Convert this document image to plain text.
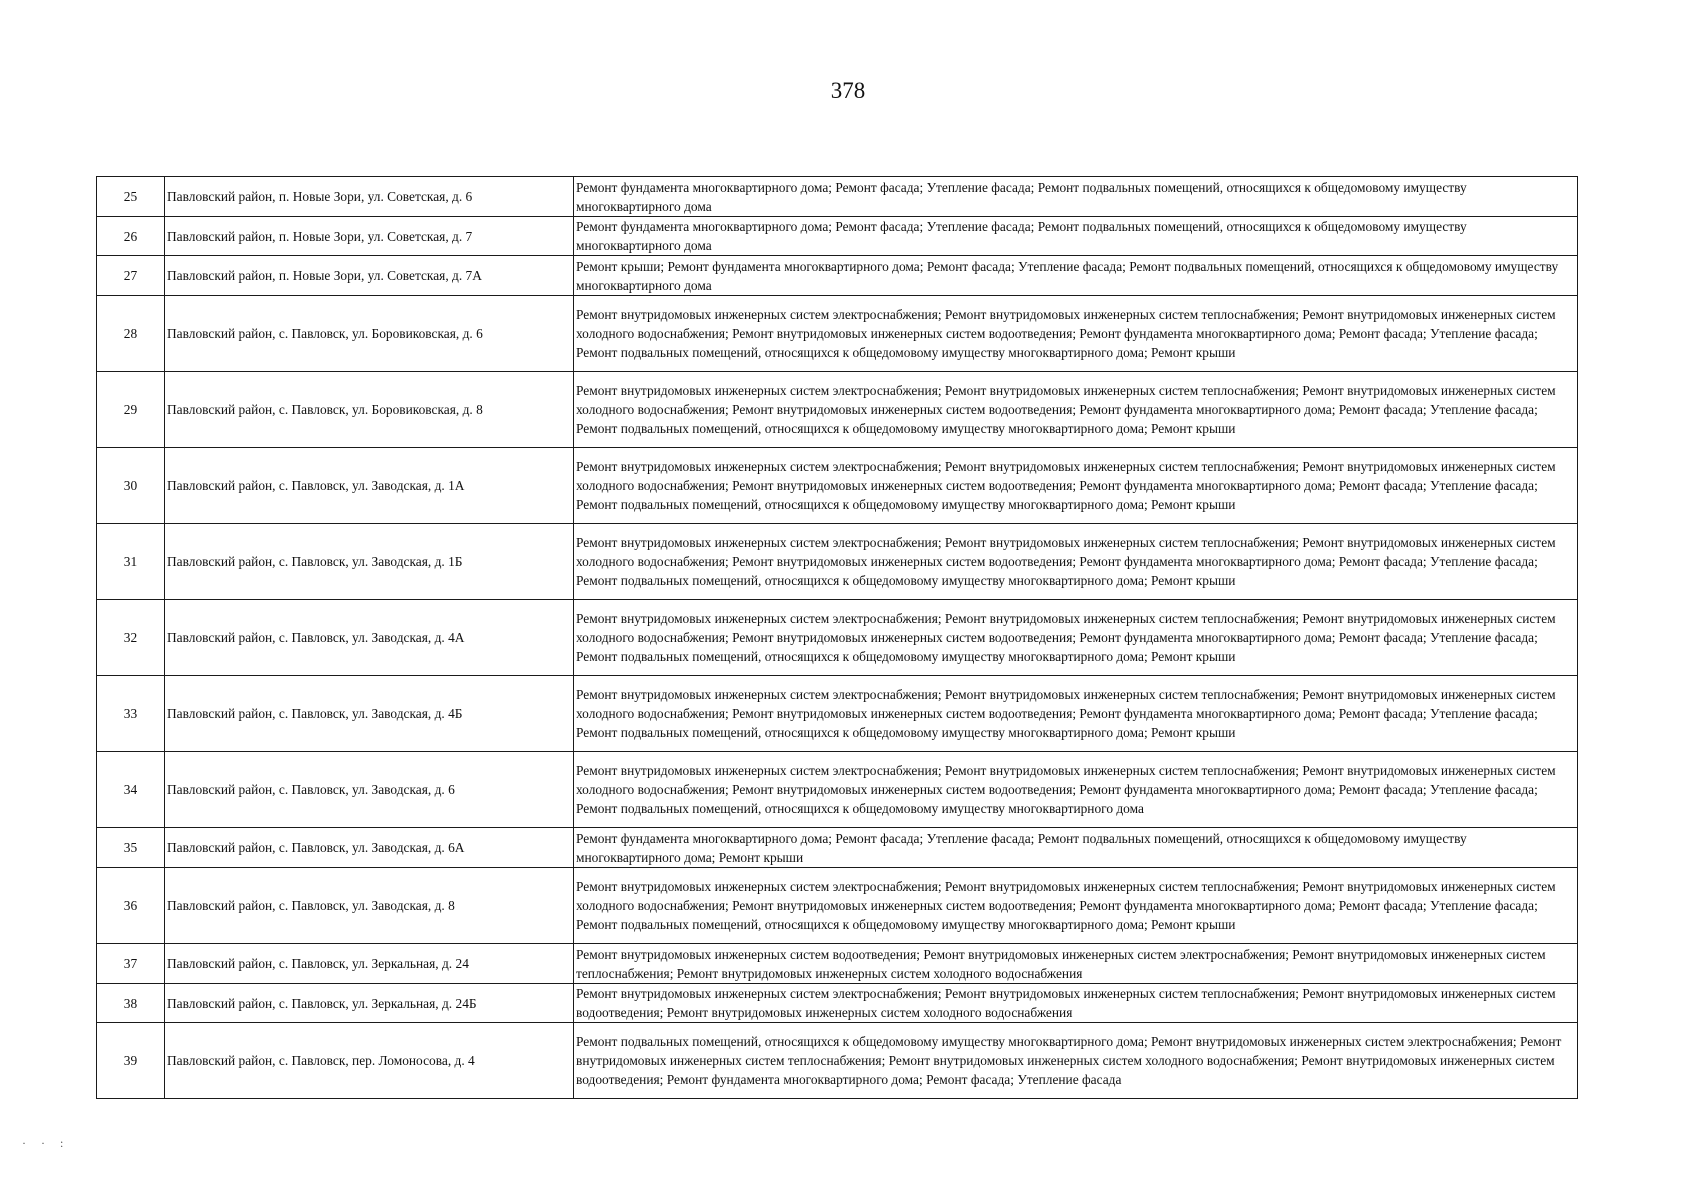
378
25	Павловский район, п. Новые Зори, ул. Советская, д. 6	Ремонт фундамента многоквартирного дома; Ремонт фасада; Утепление фасада; Ремонт подвальных помещений, относящихся к общедомовому имуществу многоквартирного дома
26	Павловский район, п. Новые Зори, ул. Советская, д. 7	Ремонт фундамента многоквартирного дома; Ремонт фасада; Утепление фасада; Ремонт подвальных помещений, относящихся к общедомовому имуществу многоквартирного дома
27	Павловский район, п. Новые Зори, ул. Советская, д. 7А	Ремонт крыши; Ремонт фундамента многоквартирного дома; Ремонт фасада; Утепление фасада; Ремонт подвальных помещений, относящихся к общедомовому имуществу многоквартирного дома
28	Павловский район, с. Павловск, ул. Боровиковская, д. 6	Ремонт внутридомовых инженерных систем электроснабжения; Ремонт внутридомовых инженерных систем теплоснабжения; Ремонт внутридомовых инженерных систем холодного водоснабжения; Ремонт внутридомовых инженерных систем водоотведения; Ремонт фундамента многоквартирного дома; Ремонт фасада; Утепление фасада; Ремонт подвальных помещений, относящихся к общедомовому имуществу многоквартирного дома; Ремонт крыши
29	Павловский район, с. Павловск, ул. Боровиковская, д. 8	Ремонт внутридомовых инженерных систем электроснабжения; Ремонт внутридомовых инженерных систем теплоснабжения; Ремонт внутридомовых инженерных систем холодного водоснабжения; Ремонт внутридомовых инженерных систем водоотведения; Ремонт фундамента многоквартирного дома; Ремонт фасада; Утепление фасада; Ремонт подвальных помещений, относящихся к общедомовому имуществу многоквартирного дома; Ремонт крыши
30	Павловский район, с. Павловск, ул. Заводская, д. 1А	Ремонт внутридомовых инженерных систем электроснабжения; Ремонт внутридомовых инженерных систем теплоснабжения; Ремонт внутридомовых инженерных систем холодного водоснабжения; Ремонт внутридомовых инженерных систем водоотведения; Ремонт фундамента многоквартирного дома; Ремонт фасада; Утепление фасада; Ремонт подвальных помещений, относящихся к общедомовому имуществу многоквартирного дома; Ремонт крыши
31	Павловский район, с. Павловск, ул. Заводская, д. 1Б	Ремонт внутридомовых инженерных систем электроснабжения; Ремонт внутридомовых инженерных систем теплоснабжения; Ремонт внутридомовых инженерных систем холодного водоснабжения; Ремонт внутридомовых инженерных систем водоотведения; Ремонт фундамента многоквартирного дома; Ремонт фасада; Утепление фасада; Ремонт подвальных помещений, относящихся к общедомовому имуществу многоквартирного дома; Ремонт крыши
32	Павловский район, с. Павловск, ул. Заводская, д. 4А	Ремонт внутридомовых инженерных систем электроснабжения; Ремонт внутридомовых инженерных систем теплоснабжения; Ремонт внутридомовых инженерных систем холодного водоснабжения; Ремонт внутридомовых инженерных систем водоотведения; Ремонт фундамента многоквартирного дома; Ремонт фасада; Утепление фасада; Ремонт подвальных помещений, относящихся к общедомовому имуществу многоквартирного дома; Ремонт крыши
33	Павловский район, с. Павловск, ул. Заводская, д. 4Б	Ремонт внутридомовых инженерных систем электроснабжения; Ремонт внутридомовых инженерных систем теплоснабжения; Ремонт внутридомовых инженерных систем холодного водоснабжения; Ремонт внутридомовых инженерных систем водоотведения; Ремонт фундамента многоквартирного дома; Ремонт фасада; Утепление фасада; Ремонт подвальных помещений, относящихся к общедомовому имуществу многоквартирного дома; Ремонт крыши
34	Павловский район, с. Павловск, ул. Заводская, д. 6	Ремонт внутридомовых инженерных систем электроснабжения; Ремонт внутридомовых инженерных систем теплоснабжения; Ремонт внутридомовых инженерных систем холодного водоснабжения; Ремонт внутридомовых инженерных систем водоотведения; Ремонт фундамента многоквартирного дома; Ремонт фасада; Утепление фасада; Ремонт подвальных помещений, относящихся к общедомовому имуществу многоквартирного дома
35	Павловский район, с. Павловск, ул. Заводская, д. 6А	Ремонт фундамента многоквартирного дома; Ремонт фасада; Утепление фасада; Ремонт подвальных помещений, относящихся к общедомовому имуществу многоквартирного дома; Ремонт крыши
36	Павловский район, с. Павловск, ул. Заводская, д. 8	Ремонт внутридомовых инженерных систем электроснабжения; Ремонт внутридомовых инженерных систем теплоснабжения; Ремонт внутридомовых инженерных систем холодного водоснабжения; Ремонт внутридомовых инженерных систем водоотведения; Ремонт фундамента многоквартирного дома; Ремонт фасада; Утепление фасада; Ремонт подвальных помещений, относящихся к общедомовому имуществу многоквартирного дома; Ремонт крыши
37	Павловский район, с. Павловск, ул. Зеркальная, д. 24	Ремонт внутридомовых инженерных систем водоотведения; Ремонт внутридомовых инженерных систем электроснабжения; Ремонт внутридомовых инженерных систем теплоснабжения; Ремонт внутридомовых инженерных систем холодного водоснабжения
38	Павловский район, с. Павловск, ул. Зеркальная, д. 24Б	Ремонт внутридомовых инженерных систем электроснабжения; Ремонт внутридомовых инженерных систем теплоснабжения; Ремонт внутридомовых инженерных систем водоотведения; Ремонт внутридомовых инженерных систем холодного водоснабжения
39	Павловский район, с. Павловск, пер. Ломоносова, д. 4	Ремонт подвальных помещений, относящихся к общедомовому имуществу многоквартирного дома; Ремонт внутридомовых инженерных систем электроснабжения; Ремонт внутридомовых инженерных систем теплоснабжения; Ремонт внутридомовых инженерных систем холодного водоснабжения; Ремонт внутридомовых инженерных систем водоотведения; Ремонт фундамента многоквартирного дома; Ремонт фасада; Утепление фасада
· · :
